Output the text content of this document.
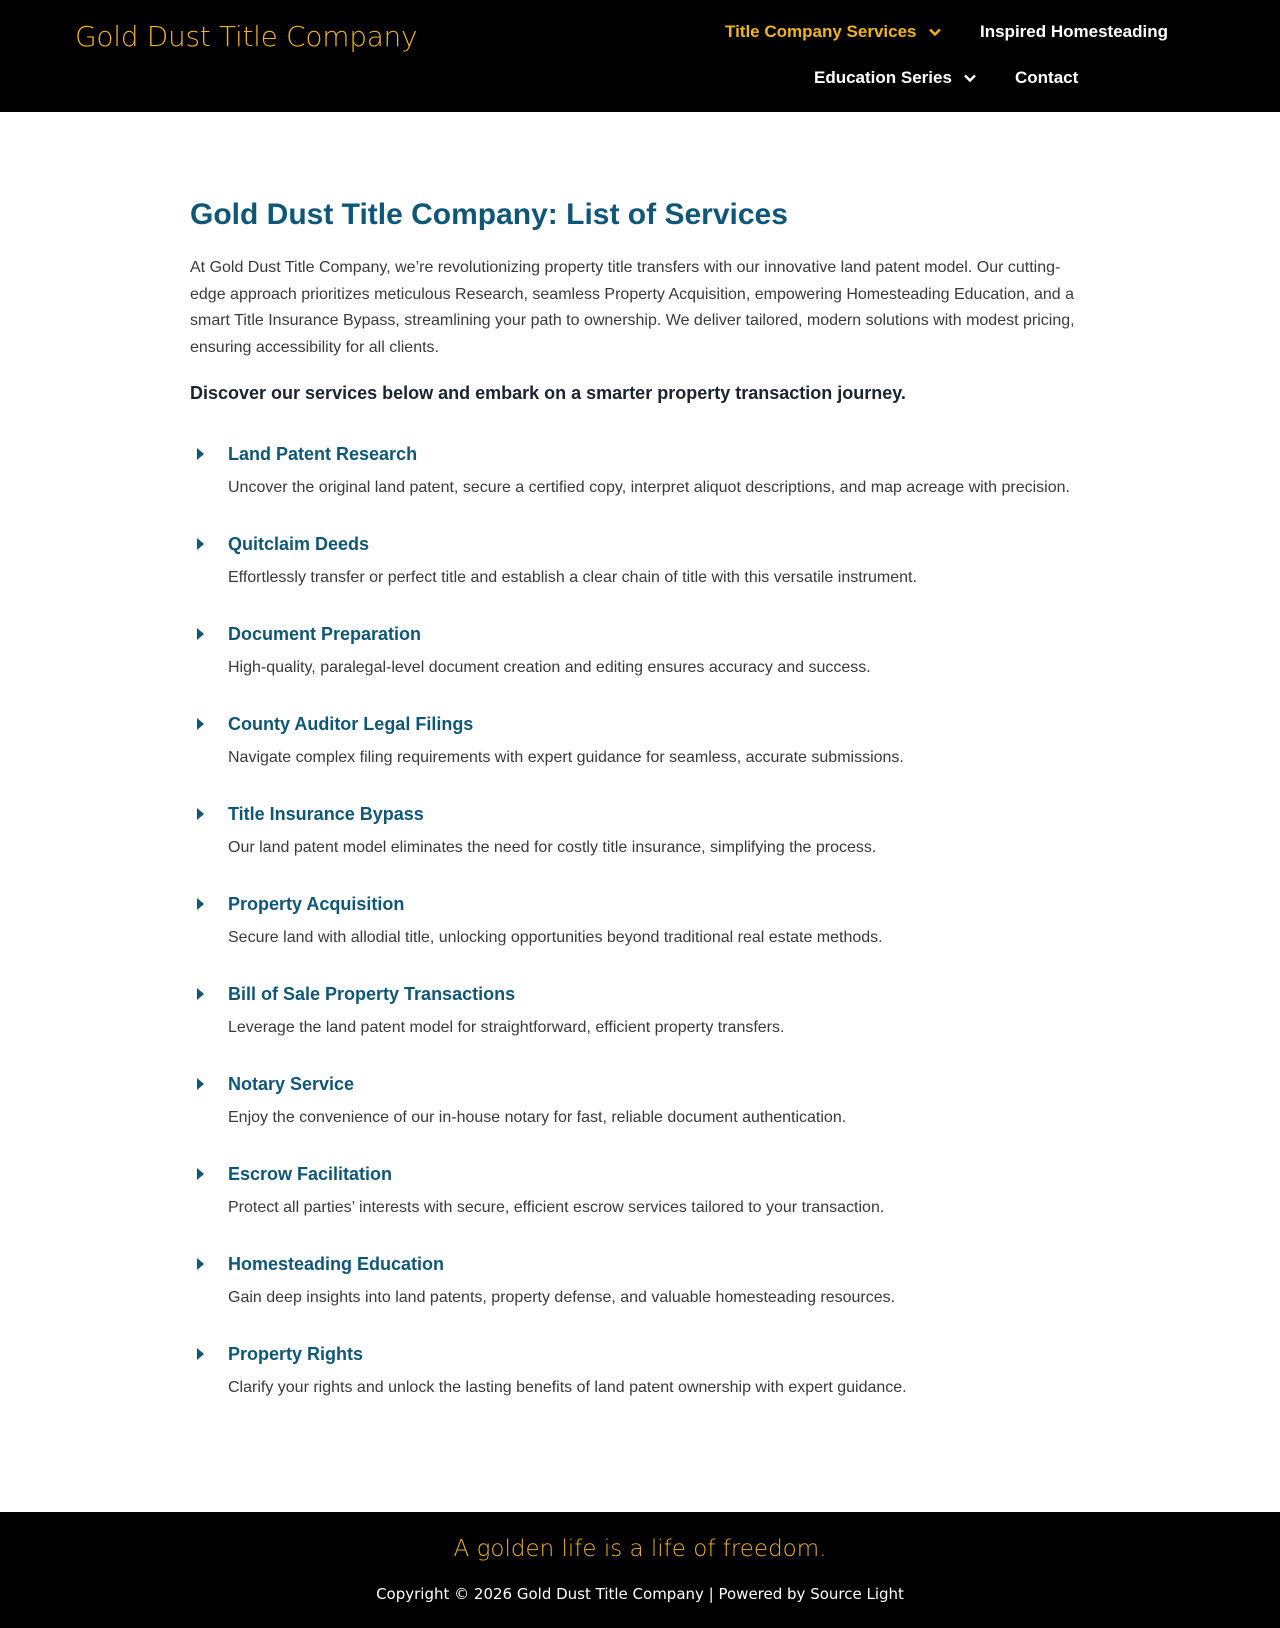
Gold Dust Title Company	Title Company Services	Inspired Homesteading
Education Series	Contact
Gold Dust Title Company: List of Services

At Gold Dust Title Company, we’re revolutionizing property title transfers with our innovative land patent model. Our cutting-edge approach prioritizes meticulous Research, seamless Property Acquisition, empowering Homesteading Education, and a smart Title Insurance Bypass, streamlining your path to ownership. We deliver tailored, modern solutions with modest pricing, ensuring accessibility for all clients.

Discover our services below and embark on a smarter property transaction journey.

Land Patent Research

Uncover the original land patent, secure a certified copy, interpret aliquot descriptions, and map acreage with precision.

Quitclaim Deeds

Effortlessly transfer or perfect title and establish a clear chain of title with this versatile instrument.

Document Preparation

High-quality, paralegal-level document creation and editing ensures accuracy and success.

County Auditor Legal Filings

Navigate complex filing requirements with expert guidance for seamless, accurate submissions.

Title Insurance Bypass

Our land patent model eliminates the need for costly title insurance, simplifying the process.

Property Acquisition

Secure land with allodial title, unlocking opportunities beyond traditional real estate methods.

Bill of Sale Property Transactions

Leverage the land patent model for straightforward, efficient property transfers.

Notary Service

Enjoy the convenience of our in-house notary for fast, reliable document authentication.

Escrow Facilitation

Protect all parties’ interests with secure, efficient escrow services tailored to your transaction.

Homesteading Education

Gain deep insights into land patents, property defense, and valuable homesteading resources.

Property Rights

Clarify your rights and unlock the lasting benefits of land patent ownership with expert guidance.

A golden life is a life of freedom.
Copyright © 2026 Gold Dust Title Company | Powered by Source Light
